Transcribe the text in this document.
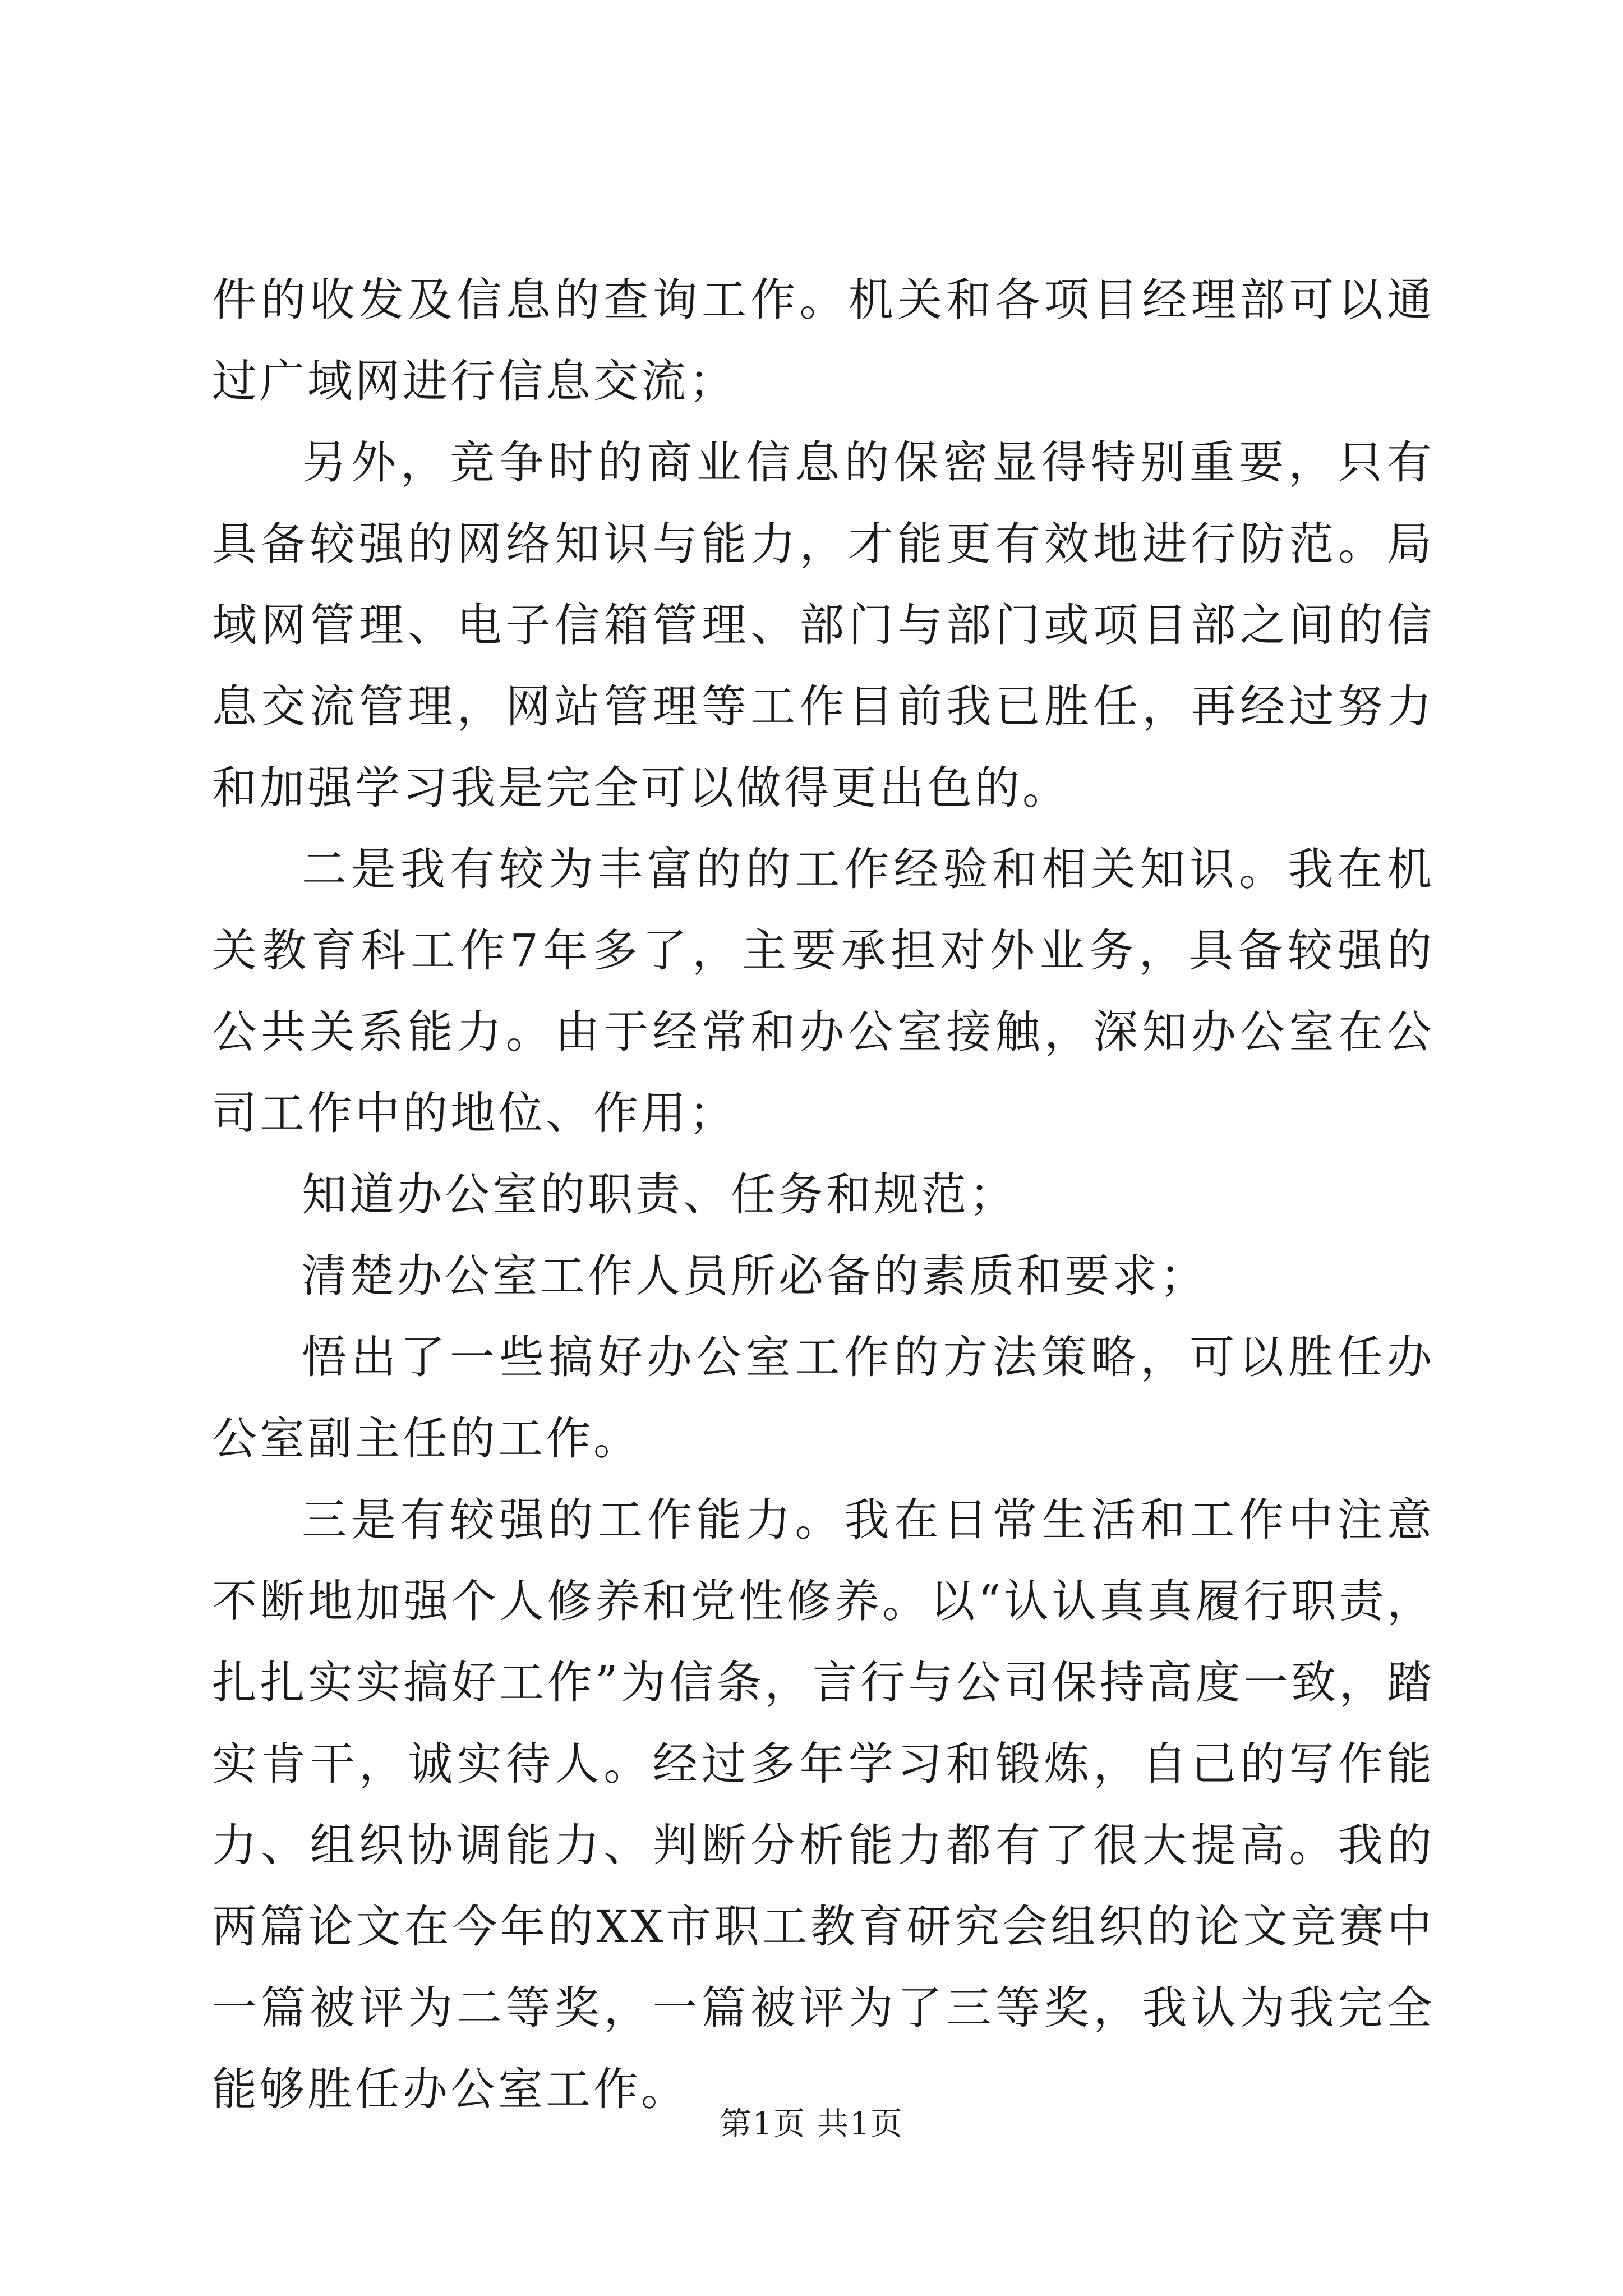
件的收发及信息的查询工作。机关和各项目经理部可以通过广域网进行信息交流；

另外，竞争时的商业信息的保密显得特别重要，只有具备较强的网络知识与能力，才能更有效地进行防范。局域网管理、电子信箱管理、部门与部门或项目部之间的信息交流管理，网站管理等工作目前我已胜任，再经过努力和加强学习我是完全可以做得更出色的。

二是我有较为丰富的的工作经验和相关知识。我在机关教育科工作7年多了，主要承担对外业务，具备较强的公共关系能力。由于经常和办公室接触，深知办公室在公司工作中的地位、作用；

知道办公室的职责、任务和规范；

清楚办公室工作人员所必备的素质和要求；

悟出了一些搞好办公室工作的方法策略，可以胜任办公室副主任的工作。

三是有较强的工作能力。我在日常生活和工作中注意不断地加强个人修养和党性修养。以“认认真真履行职责，扎扎实实搞好工作”为信条，言行与公司保持高度一致，踏实肯干，诚实待人。经过多年学习和锻炼，自己的写作能力、组织协调能力、判断分析能力都有了很大提高。我的两篇论文在今年的XX市职工教育研究会组织的论文竞赛中一篇被评为二等奖，一篇被评为了三等奖，我认为我完全能够胜任办公室工作。

第1页 共1页
